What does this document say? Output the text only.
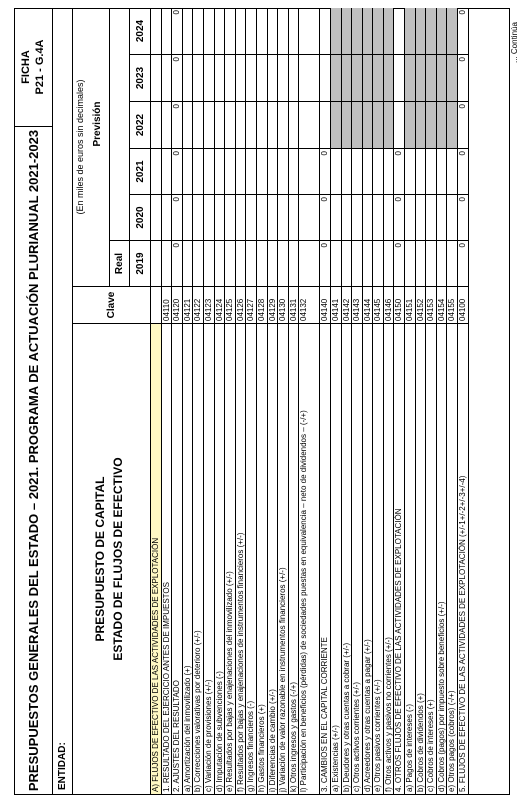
PRESUPUESTOS GENERALES DEL ESTADO – 2021. PROGRAMA DE ACTUACIÓN PLURIANUAL 2021-2023
FICHA P21 - G.4A
ENTIDAD:
PRESUPUESTO DE CAPITAL ESTADO DE FLUJOS DE EFECTIVO
Clave
(En miles de euros sin decimales) Previsión
Real	2019
2020
2021
2022
2023
2024
A) FLUJOS DE EFECTIVO DE LAS ACTIVIDADES DE EXPLOTACIÓN 1. RESULTADO DEL EJERCICIO ANTES DE IMPUESTOS
04110
2. AJUSTES DEL RESULTADO
04120
0
0
0
0
0
0
a) Amortización del inmovilizado (+)
04121
b) Correcciones valorativas por deterioro (+/-)
04122
c) Variación de provisiones (+/-)
04123
d) Imputación de subvenciones (-)
04124
e) Resultados por bajas y enajenaciones del inmovilizado (+/-)
04125
f) Resultados por bajas y enajenaciones de instrumentos financieros (+/-)
04126
g) Ingresos financieros (-)
04127
h) Gastos financieros (+)
04128
i) Diferencias de cambio (+/-)
04129
j) Variación de valor razonable en instrumentos financieros (+/-)
04130
k) Otros ingresos y gastos (-/+)
04131
l) Participación en beneficios (pérdidas) de sociedades puestas en equivalencia – neto de dividendos – (-/+)
04132
3. CAMBIOS EN EL CAPITAL CORRIENTE
04140
0
0
0
a) Existencias (+/-)
04141
b) Deudores y otras cuentas a cobrar (+/-)
04142
c) Otros activos corrientes (+/-)
04143
d) Acreedores y otras cuentas a pagar (+/-)
04144
e) Otros pasivos corrientes (+/-)
04145
f) Otros activos y pasivos no corrientes (+/-)
04146
4. OTROS FLUJOS DE EFECTIVO DE LAS ACTIVIDADES DE EXPLOTACIÓN
04150
0
0
0
a) Pagos de intereses (-)
04151
b) Cobros de dividendos (+)
04152
c) Cobros de intereses (+)
04153
d) Cobros (pagos) por impuesto sobre beneficios (+/-)
04154
e) Otros pagos (cobros) (-/+)
04155
5. FLUJOS DE EFECTIVO DE LAS ACTIVIDADES DE EXPLOTACIÓN (+/-1+/-2+/-3+/-4)
04100
0
0
0
0
0
0
... Continúa
